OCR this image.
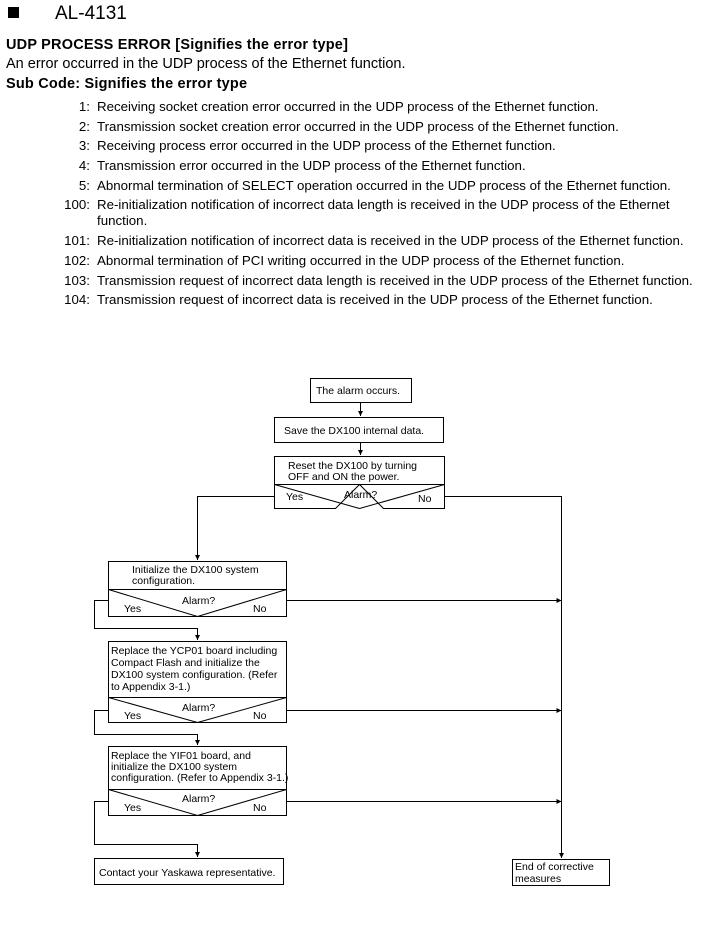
AL-4131
UDP PROCESS ERROR [Signifies the error type]
An error occurred in the UDP process of the Ethernet function.
Sub Code: Signifies the error type
1: Receiving socket creation error occurred in the UDP process of the Ethernet function.
2: Transmission socket creation error occurred in the UDP process of the Ethernet function.
3: Receiving process error occurred in the UDP process of the Ethernet function.
4: Transmission error occurred in the UDP process of the Ethernet function.
5: Abnormal termination of SELECT operation occurred in the UDP process of the Ethernet function.
100: Re-initialization notification of incorrect data length is received in the UDP process of the Ethernet function.
101: Re-initialization notification of incorrect data is received in the UDP process of the Ethernet function.
102: Abnormal termination of PCI writing occurred in the UDP process of the Ethernet function.
103: Transmission request of incorrect data length is received in the UDP process of the Ethernet function.
104: Transmission request of incorrect data is received in the UDP process of the Ethernet function.
The alarm occurs.
Save the DX100 internal data.
Reset the DX100 by turning
OFF and ON the power.
Alarm?
Yes	No
Initialize the DX100 system
configuration.
Alarm?
Yes	No
Replace the YCP01 board including
Compact Flash and initialize the
DX100 system configuration. (Refer
to Appendix 3-1.)
Alarm?
Yes	No
Replace the YIF01 board, and
initialize the DX100 system
configuration. (Refer to Appendix 3-1.)
Alarm?
Yes	No
Contact your Yaskawa representative.	End of corrective
measures
